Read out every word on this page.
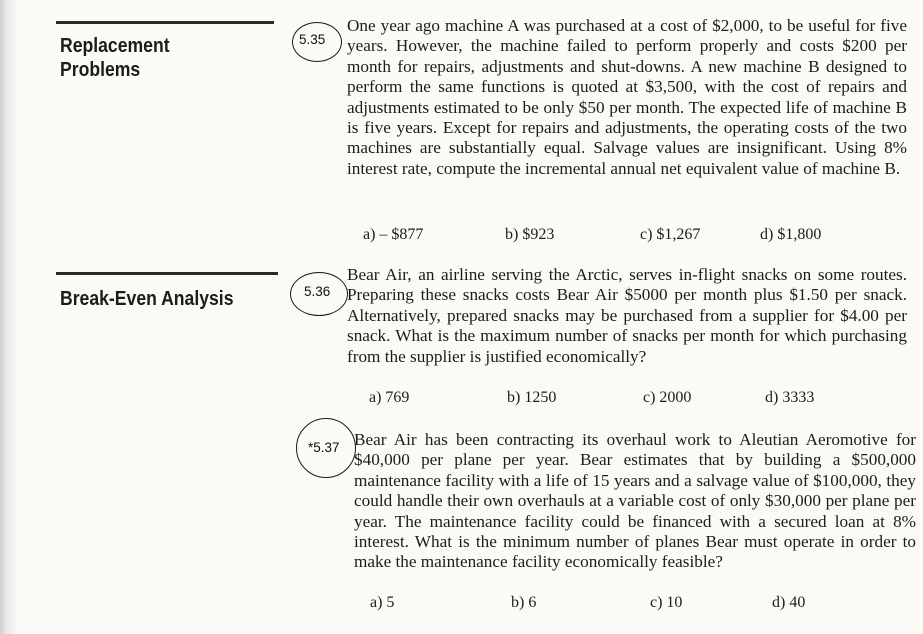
Replacement Problems
5.35
One year ago machine A was purchased at a cost of $2,000, to be useful for five years. However, the machine failed to perform properly and costs $200 per month for repairs, adjustments and shut-downs. A new machine B designed to perform the same functions is quoted at $3,500, with the cost of repairs and adjustments estimated to be only $50 per month. The expected life of machine B is five years. Except for repairs and adjustments, the operating costs of the two machines are substantially equal. Salvage values are insignificant. Using 8% interest rate, compute the incremental annual net equivalent value of machine B.
a) – $877	b) $923	c) $1,267	d) $1,800
Break-Even Analysis	5.36
Bear Air, an airline serving the Arctic, serves in-flight snacks on some routes. Preparing these snacks costs Bear Air $5000 per month plus $1.50 per snack. Alternatively, prepared snacks may be purchased from a supplier for $4.00 per snack. What is the maximum number of snacks per month for which purchasing from the supplier is justified economically?
a) 769	b) 1250	c) 2000	d) 3333
*5.37 Bear Air has been contracting its overhaul work to Aleutian Aeromotive for $40,000 per plane per year. Bear estimates that by building a $500,000 maintenance facility with a life of 15 years and a salvage value of $100,000, they could handle their own overhauls at a variable cost of only $30,000 per plane per year. The maintenance facility could be financed with a secured loan at 8% interest. What is the minimum number of planes Bear must operate in order to make the maintenance facility economically feasible?
a) 5	b) 6	c) 10	d) 40
